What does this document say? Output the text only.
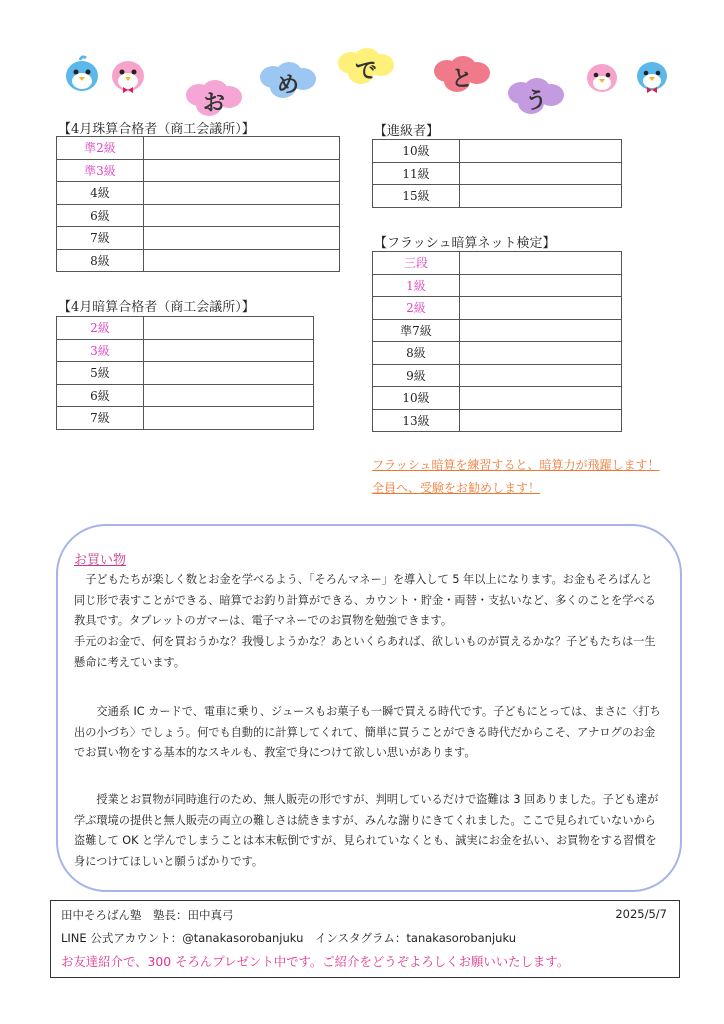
お
め
で	と
う
【4月珠算合格者（商工会議所）】
準2級	
準3級	
4級	
6級	
7級	
8級	
【4月暗算合格者（商工会議所）】
2級	
3級	
5級	
6級	
7級	
【進級者】
10級	
11級	
15級	
【フラッシュ暗算ネット検定】
三段	
1級	
2級	
準7級	
8級	
9級	
10級	
13級	
フラッシュ暗算を練習すると、暗算力が飛躍します！
全員へ、受験をお勧めします！
お買い物
　子どもたちが楽しく数とお金を学べるよう、「そろんマネー」を導入して 5 年以上になります。お金もそろばんと同じ形で表すことができる、暗算でお釣り計算ができる、カウント・貯金・両替・支払いなど、多くのことを学べる教具です。タブレットのガマーは、電子マネーでのお買物を勉強できます。
手元のお金で、何を買おうかな？我慢しようかな？あといくらあれば、欲しいものが買えるかな？子どもたちは一生懸命に考えています。
　　交通系 IC カードで、電車に乗り、ジュースもお菓子も一瞬で買える時代です。子どもにとっては、まさに〈打ち出の小づち〉でしょう。何でも自動的に計算してくれて、簡単に買うことができる時代だからこそ、アナログのお金でお買い物をする基本的なスキルも、教室で身につけて欲しい思いがあります。
　　授業とお買物が同時進行のため、無人販売の形ですが、判明しているだけで盗難は 3 回ありました。子ども達が学ぶ環境の提供と無人販売の両立の難しさは続きますが、みんな謝りにきてくれました。ここで見られていないから盗難して OK と学んでしまうことは本末転倒ですが、見られていなくとも、誠実にお金を払い、お買物をする習慣を身につけてほしいと願うばかりです。
田中そろばん塾　塾長：田中真弓	2025/5/7
LINE 公式アカウント：@tanakasorobanjuku　インスタグラム：tanakasorobanjuku
お友達紹介で、300 そろんプレゼント中です。ご紹介をどうぞよろしくお願いいたします。
